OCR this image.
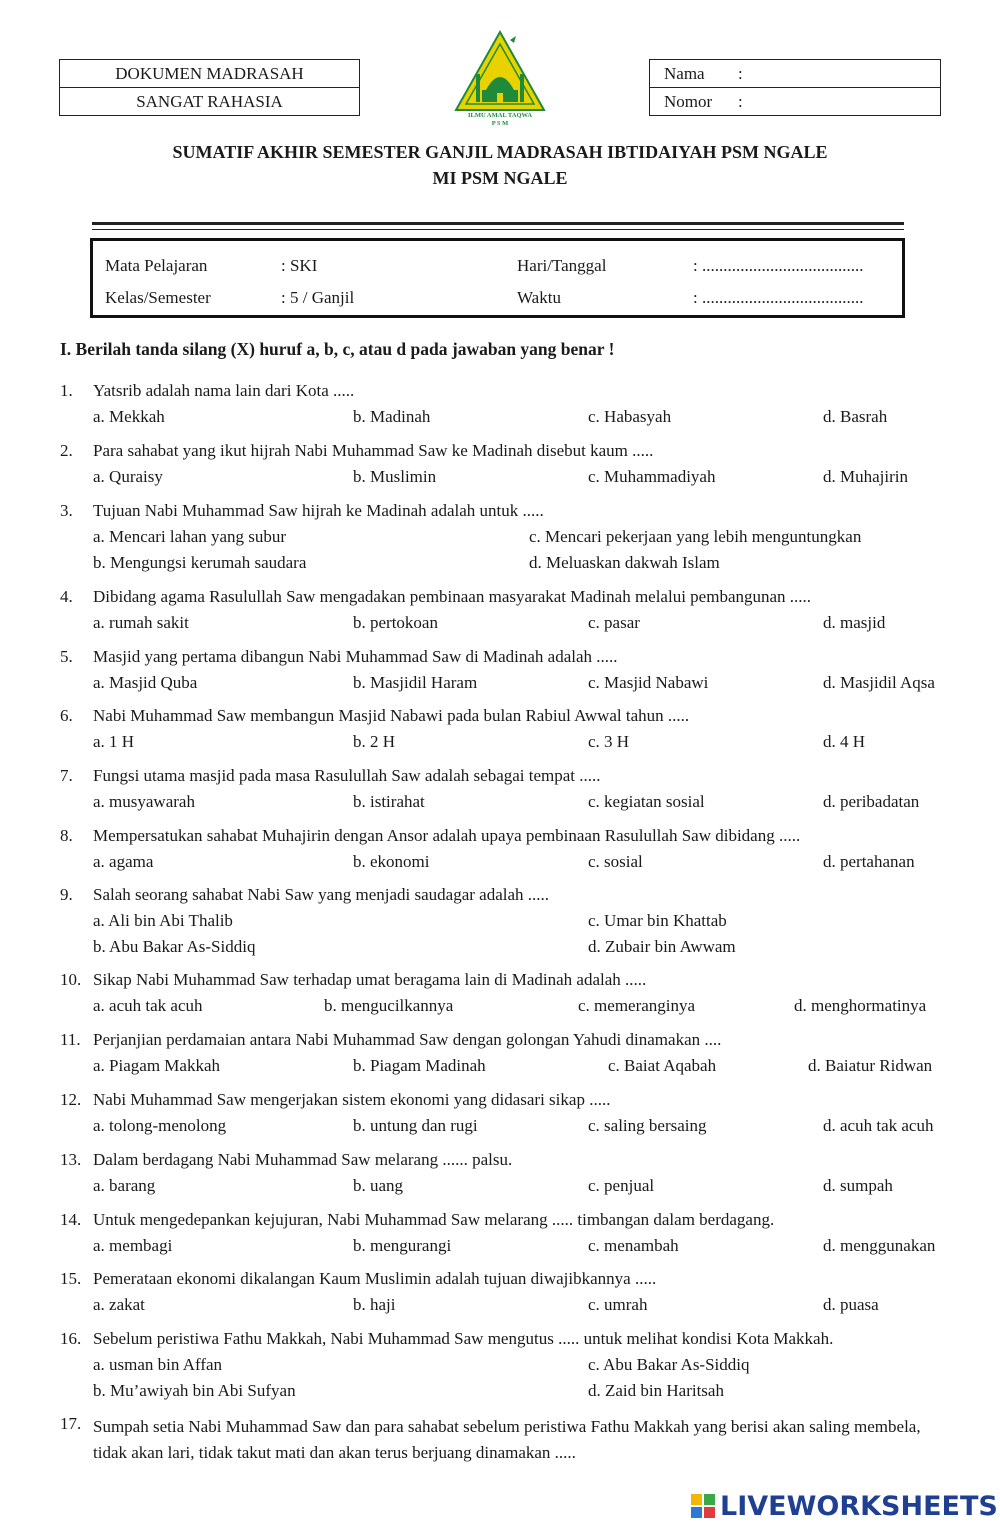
DOKUMEN MADRASAH
SANGAT RAHASIA
Nama :
Nomor :
ILMU AMAL TAQWA
P S M
SUMATIF AKHIR SEMESTER GANJIL MADRASAH IBTIDAIYAH PSM NGALE
MI PSM NGALE
Mata Pelajaran	: SKI	Hari/Tanggal	: ......................................
Kelas/Semester	: 5 / Ganjil	Waktu	: ......................................
I. Berilah tanda silang (X) huruf a, b, c, atau d pada jawaban yang benar !
1. Yatsrib adalah nama lain dari Kota .....
a. Mekkah	b. Madinah	c. Habasyah	d. Basrah
2. Para sahabat yang ikut hijrah Nabi Muhammad Saw ke Madinah disebut kaum .....
a. Quraisy	b. Muslimin	c. Muhammadiyah	d. Muhajirin
3. Tujuan Nabi Muhammad Saw hijrah ke Madinah adalah untuk .....
a. Mencari lahan yang subur	c. Mencari pekerjaan yang lebih menguntungkan
b. Mengungsi kerumah saudara	d. Meluaskan dakwah Islam
4. Dibidang agama Rasulullah Saw mengadakan pembinaan masyarakat Madinah melalui pembangunan .....
a. rumah sakit	b. pertokoan	c. pasar	d. masjid
5. Masjid yang pertama dibangun Nabi Muhammad Saw di Madinah adalah .....
a. Masjid Quba	b. Masjidil Haram	c. Masjid Nabawi	d. Masjidil Aqsa
6. Nabi Muhammad Saw membangun Masjid Nabawi pada bulan Rabiul Awwal tahun .....
a. 1 H	b. 2 H	c. 3 H	d. 4 H
7. Fungsi utama masjid pada masa Rasulullah Saw adalah sebagai tempat .....
a. musyawarah	b. istirahat	c. kegiatan sosial	d. peribadatan
8. Mempersatukan sahabat Muhajirin dengan Ansor adalah upaya pembinaan Rasulullah Saw dibidang .....
a. agama	b. ekonomi	c. sosial	d. pertahanan
9. Salah seorang sahabat Nabi Saw yang menjadi saudagar adalah .....
a. Ali bin Abi Thalib	c. Umar bin Khattab
b. Abu Bakar As-Siddiq	d. Zubair bin Awwam
10. Sikap Nabi Muhammad Saw terhadap umat beragama lain di Madinah adalah .....
a. acuh tak acuh	b. mengucilkannya	c. memeranginya	d. menghormatinya
11. Perjanjian perdamaian antara Nabi Muhammad Saw dengan golongan Yahudi dinamakan ....
a. Piagam Makkah	b. Piagam Madinah	c. Baiat Aqabah	d. Baiatur Ridwan
12. Nabi Muhammad Saw mengerjakan sistem ekonomi yang didasari sikap .....
a. tolong-menolong	b. untung dan rugi	c. saling bersaing	d. acuh tak acuh
13. Dalam berdagang Nabi Muhammad Saw melarang ...... palsu.
a. barang	b. uang	c. penjual	d. sumpah
14. Untuk mengedepankan kejujuran, Nabi Muhammad Saw melarang ..... timbangan dalam berdagang.
a. membagi	b. mengurangi	c. menambah	d. menggunakan
15. Pemerataan ekonomi dikalangan Kaum Muslimin adalah tujuan diwajibkannya .....
a. zakat	b. haji	c. umrah	d. puasa
16. Sebelum peristiwa Fathu Makkah, Nabi Muhammad Saw mengutus ..... untuk melihat kondisi Kota Makkah.
a. usman bin Affan	c. Abu Bakar As-Siddiq
b. Mu’awiyah bin Abi Sufyan	d. Zaid bin Haritsah
17. Sumpah setia Nabi Muhammad Saw dan para sahabat sebelum peristiwa Fathu Makkah yang berisi akan saling membela, tidak akan lari, tidak takut mati dan akan terus berjuang dinamakan .....
LIVEWORKSHEETS
